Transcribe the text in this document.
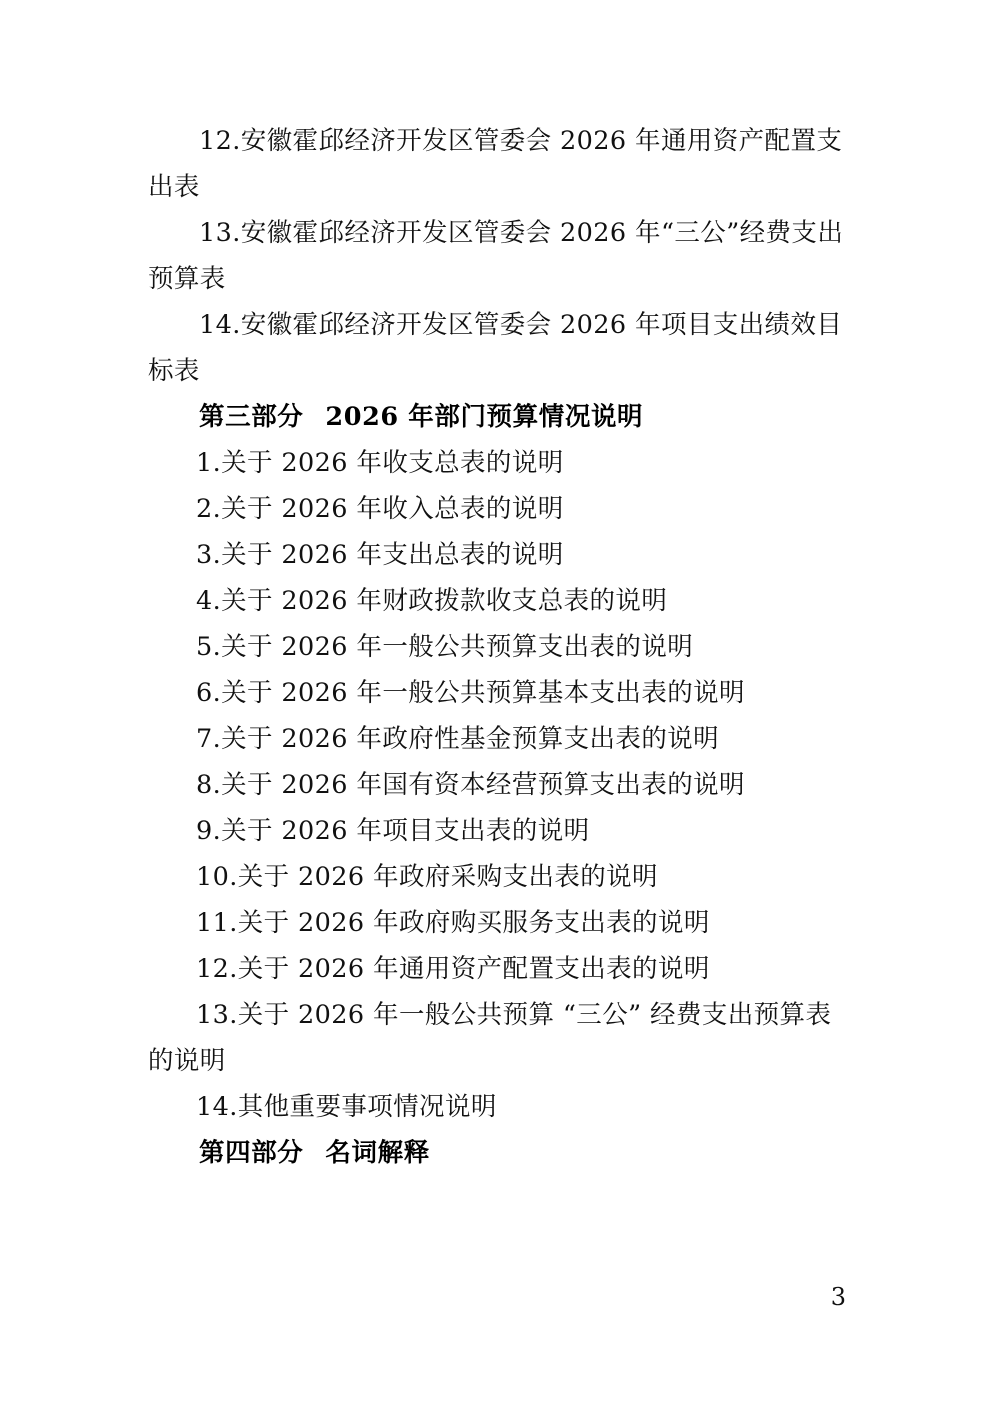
12.安徽霍邱经济开发区管委会 2026 年通用资产配置支
出表
13.安徽霍邱经济开发区管委会 2026 年“三公”经费支出
预算表
14.安徽霍邱经济开发区管委会 2026 年项目支出绩效目
标表
第三部分 2026 年部门预算情况说明
1.关于 2026 年收支总表的说明
2.关于 2026 年收入总表的说明
3.关于 2026 年支出总表的说明
4.关于 2026 年财政拨款收支总表的说明
5.关于 2026 年一般公共预算支出表的说明
6.关于 2026 年一般公共预算基本支出表的说明
7.关于 2026 年政府性基金预算支出表的说明
8.关于 2026 年国有资本经营预算支出表的说明
9.关于 2026 年项目支出表的说明
10.关于 2026 年政府采购支出表的说明
11.关于 2026 年政府购买服务支出表的说明
12.关于 2026 年通用资产配置支出表的说明
13.关于 2026 年一般公共预算 “三公” 经费支出预算表
的说明
14.其他重要事项情况说明
第四部分 名词解释
3
